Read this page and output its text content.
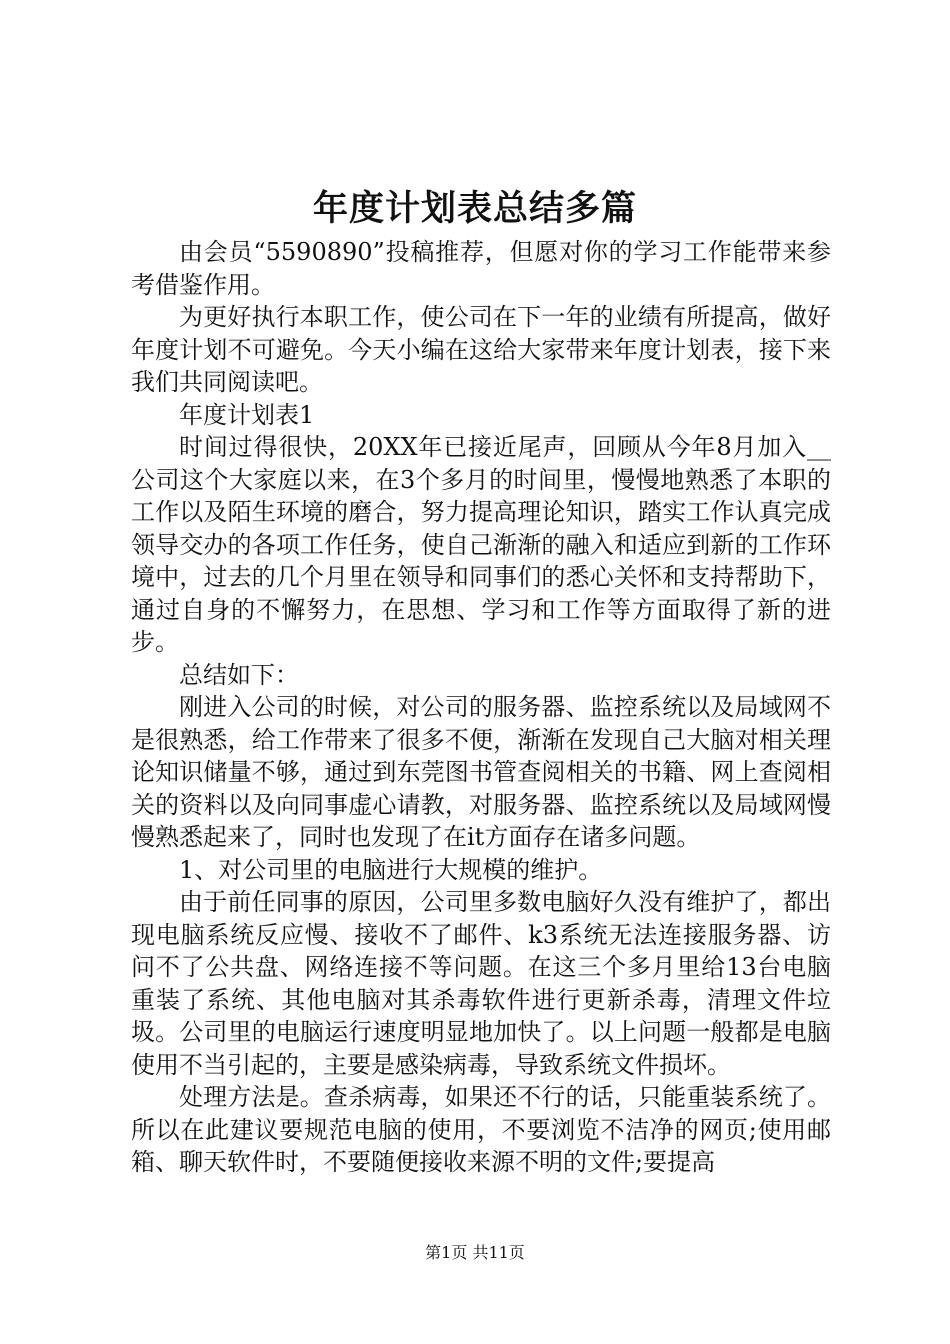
年度计划表总结多篇

由会员“5590890”投稿推荐，但愿对你的学习工作能带来参考借鉴作用。

为更好执行本职工作，使公司在下一年的业绩有所提高，做好年度计划不可避免。今天小编在这给大家带来年度计划表，接下来我们共同阅读吧。

年度计划表1

时间过得很快，20XX年已接近尾声，回顾从今年8月加入__公司这个大家庭以来，在3个多月的时间里，慢慢地熟悉了本职的工作以及陌生环境的磨合，努力提高理论知识，踏实工作认真完成领导交办的各项工作任务，使自己渐渐的融入和适应到新的工作环境中，过去的几个月里在领导和同事们的悉心关怀和支持帮助下，通过自身的不懈努力，在思想、学习和工作等方面取得了新的进步。

总结如下：

刚进入公司的时候，对公司的服务器、监控系统以及局域网不是很熟悉，给工作带来了很多不便，渐渐在发现自己大脑对相关理论知识储量不够，通过到东莞图书管查阅相关的书籍、网上查阅相关的资料以及向同事虚心请教，对服务器、监控系统以及局域网慢慢熟悉起来了，同时也发现了在it方面存在诸多问题。

1、对公司里的电脑进行大规模的维护。

由于前任同事的原因，公司里多数电脑好久没有维护了，都出现电脑系统反应慢、接收不了邮件、k3系统无法连接服务器、访问不了公共盘、网络连接不等问题。在这三个多月里给13台电脑重装了系统、其他电脑对其杀毒软件进行更新杀毒，清理文件垃圾。公司里的电脑运行速度明显地加快了。以上问题一般都是电脑使用不当引起的，主要是感染病毒，导致系统文件损坏。

处理方法是。查杀病毒，如果还不行的话，只能重装系统了。所以在此建议要规范电脑的使用，不要浏览不洁净的网页;使用邮箱、聊天软件时，不要随便接收来源不明的文件;要提高

第1页 共11页
